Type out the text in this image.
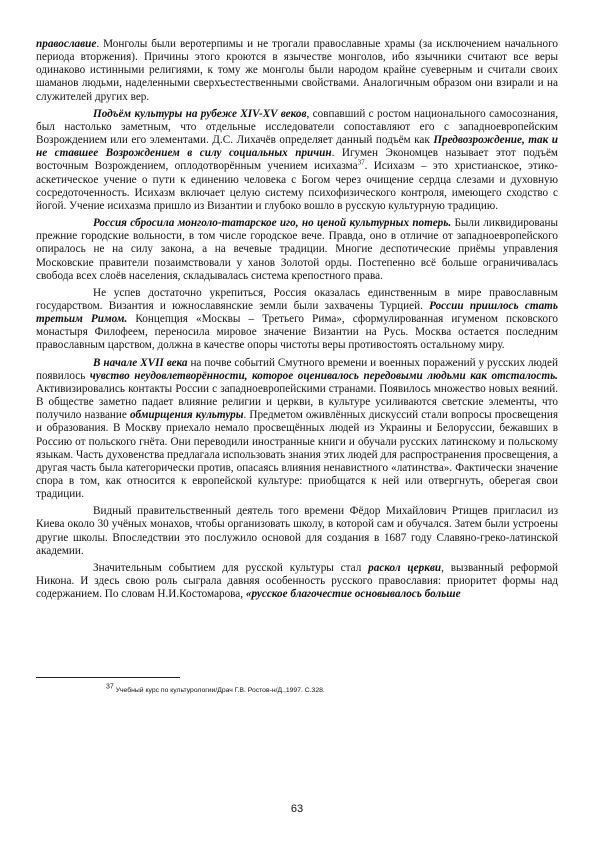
православие. Монголы были веротерпимы и не трогали православные храмы (за исключением начального периода вторжения). Причины этого кроются в язычестве монголов, ибо язычники считают все веры одинаково истинными религиями, к тому же монголы были народом крайне суеверным и считали своих шаманов людьми, наделенными сверхъестественными свойствами. Аналогичным образом они взирали и на служителей других вер.

Подъём культуры на рубеже XIV-XV веков, совпавший с ростом национального самосознания, был настолько заметным, что отдельные исследователи сопоставляют его с западноевропейским Возрождением или его элементами. Д.С. Лихачёв определяет данный подъём как Предвозрождение, так и не ставшее Возрождением в силу социальных причин. Игумен Экономцев называет этот подъём восточным Возрождением, оплодотворённым учением исихазма$^{37}$. Исихазм – это христианское, этико-аскетическое учение о пути к единению человека с Богом через очищение сердца слезами и духовную сосредоточенность. Исихазм включает целую систему психофизического контроля, имеющего сходство с йогой. Учение исихазма пришло из Византии и глубоко вошло в русскую культурную традицию.

Россия сбросила монголо-татарское иго, но ценой культурных потерь. Были ликвидированы прежние городские вольности, в том числе городское вече. Правда, оно в отличие от западноевропейского опиралось не на силу закона, а на вечевые традиции. Многие деспотические приёмы управления Московские правители позаимствовали у ханов Золотой орды. Постепенно всё больше ограничивалась свобода всех слоёв населения, складывалась система крепостного права.

Не успев достаточно укрепиться, Россия оказалась единственным в мире православным государством. Византия и южнославянские земли были захвачены Турцией. России пришлось стать третьим Римом. Концепция «Москвы – Третьего Рима», сформулированная игуменом псковского монастыря Филофеем, переносила мировое значение Византии на Русь. Москва остается последним православным царством, должна в качестве опоры чистоты веры противостоять остальному миру.

В начале XVII века на почве событий Смутного времени и военных поражений у русских людей появилось чувство неудовлетворённости, которое оценивалось передовыми людьми как отсталость. Активизировались контакты России с западноевропейскими странами. Появилось множество новых веяний. В обществе заметно падает влияние религии и церкви, в культуре усиливаются светские элементы, что получило название обмирщения культуры. Предметом оживлённых дискуссий стали вопросы просвещения и образования. В Москву приехало немало просвещённых людей из Украины и Белоруссии, бежавших в Россию от польского гнёта. Они переводили иностранные книги и обучали русских латинскому и польскому языкам. Часть духовенства предлагала использовать знания этих людей для распространения просвещения, а другая часть была категорически против, опасаясь влияния ненавистного «латинства». Фактически значение спора в том, как относится к европейской культуре: приобщатся к ней или отвергнуть, оберегая свои традиции.

Видный правительственный деятель того времени Фёдор Михайлович Ртищев пригласил из Киева около 30 учёных монахов, чтобы организовать школу, в которой сам и обучался. Затем были устроены другие школы. Впоследствии это послужило основой для создания в 1687 году Славяно-греко-латинской академии.

Значительным событием для русской культуры стал раскол церкви, вызванный реформой Никона. И здесь свою роль сыграла давняя особенность русского православия: приоритет формы над содержанием. По словам Н.И.Костомарова, «русское благочестие основывалось больше

$^{37}$ Учебный курс по культурологии/Драч Г.В. Ростов-н/Д.,1997. С.328.
63
